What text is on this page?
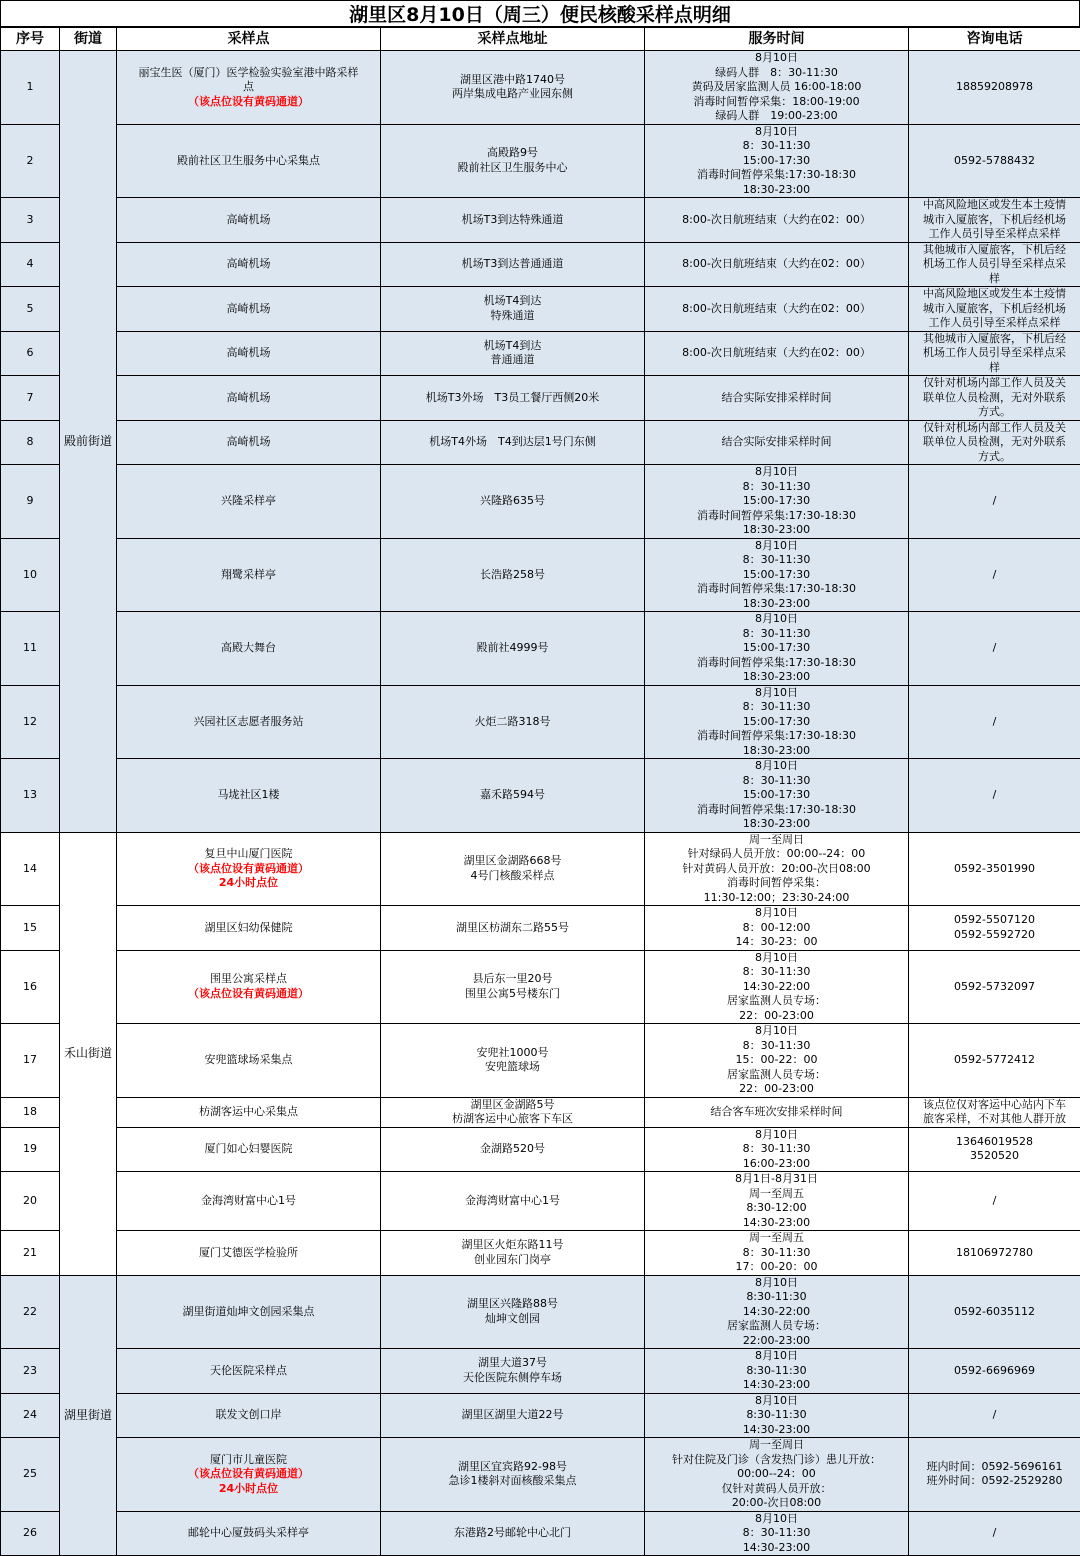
湖里区8月10日（周三）便民核酸采样点明细
序号	街道	采样点	采样点地址	服务时间	咨询电话
1	殿前街道	丽宝生医（厦门）医学检验实验室港中路采样
点
（该点位设有黄码通道）	湖里区港中路1740号
两岸集成电路产业园东侧	8月10日
绿码人群　8：30-11:30
黄码及居家监测人员 16:00-18:00
消毒时间暂停采集：18:00-19:00
绿码人群　19:00-23:00	18859208978

2		殿前社区卫生服务中心采集点	高殿路9号
殿前社区卫生服务中心	8月10日
8：30-11:30
15:00-17:30
消毒时间暂停采集:17:30-18:30
18:30-23:00	0592-5788432

3		高崎机场	机场T3到达特殊通道	8:00-次日航班结束（大约在02：00）	中高风险地区或发生本土疫情
城市入厦旅客，下机后经机场
工作人员引导至采样点采样

4		高崎机场	机场T3到达普通通道	8:00-次日航班结束（大约在02：00）	其他城市入厦旅客，下机后经
机场工作人员引导至采样点采
样

5		高崎机场	机场T4到达
特殊通道	8:00-次日航班结束（大约在02：00）	中高风险地区或发生本土疫情
城市入厦旅客，下机后经机场
工作人员引导至采样点采样

6		高崎机场	机场T4到达
普通通道	8:00-次日航班结束（大约在02：00）	其他城市入厦旅客，下机后经
机场工作人员引导至采样点采
样

7		高崎机场	机场T3外场　T3员工餐厅西侧20米	结合实际安排采样时间	仅针对机场内部工作人员及关
联单位人员检测，无对外联系
方式。

8		高崎机场	机场T4外场　T4到达层1号门东侧	结合实际安排采样时间	仅针对机场内部工作人员及关
联单位人员检测，无对外联系
方式。

9		兴隆采样亭	兴隆路635号	8月10日
8：30-11:30
15:00-17:30
消毒时间暂停采集:17:30-18:30
18:30-23:00	/

10		翔鹭采样亭	长浩路258号	8月10日
8：30-11:30
15:00-17:30
消毒时间暂停采集:17:30-18:30
18:30-23:00	/

11		高殿大舞台	殿前社4999号	8月10日
8：30-11:30
15:00-17:30
消毒时间暂停采集:17:30-18:30
18:30-23:00	/

12		兴园社区志愿者服务站	火炬二路318号	8月10日
8：30-11:30
15:00-17:30
消毒时间暂停采集:17:30-18:30
18:30-23:00	/

13		马垅社区1楼	嘉禾路594号	8月10日
8：30-11:30
15:00-17:30
消毒时间暂停采集:17:30-18:30
18:30-23:00	/

14	禾山街道	复旦中山厦门医院
（该点位设有黄码通道）
24小时点位	湖里区金湖路668号
4号门核酸采样点	周一至周日
针对绿码人员开放：00:00--24：00
针对黄码人员开放：20:00-次日08:00
消毒时间暂停采集：
11:30-12:00；23:30-24:00	0592-3501990

15		湖里区妇幼保健院	湖里区枋湖东二路55号	8月10日
8：00-12:00
14：30-23：00	0592-5507120
0592-5592720

16		围里公寓采样点
（该点位设有黄码通道）	县后东一里20号
围里公寓5号楼东门	8月10日
8：30-11:30
14:30-22:00
居家监测人员专场：
22：00-23:00	0592-5732097

17		安兜篮球场采集点	安兜社1000号
安兜篮球场	8月10日
8：30-11:30
15：00-22：00
居家监测人员专场：
22：00-23:00	0592-5772412

18		枋湖客运中心采集点	湖里区金湖路5号
枋湖客运中心旅客下车区	结合客车班次安排采样时间	该点位仅对客运中心站内下车
旅客采样，不对其他人群开放

19		厦门如心妇婴医院	金湖路520号	8月10日
8：30-11:30
16:00-23:00	13646019528
3520520

20		金海湾财富中心1号	金海湾财富中心1号	8月1日-8月31日
周一至周五
8:30-12:00
14:30-23:00	/

21		厦门艾德医学检验所	湖里区火炬东路11号
创业园东门岗亭	周一至周五
8：30-11:30
17：00-20：00	18106972780

22	湖里街道	湖里街道灿坤文创园采集点	湖里区兴隆路88号
灿坤文创园	8月10日
8:30-11:30
14:30-22:00
居家监测人员专场：
22:00-23:00	0592-6035112

23		天伦医院采样点	湖里大道37号
天伦医院东侧停车场	8月10日
8:30-11:30
14:30-23:00	0592-6696969

24		联发文创口岸	湖里区湖里大道22号	8月10日
8:30-11:30
14:30-23:00	/

25		厦门市儿童医院
（该点位设有黄码通道）
24小时点位	湖里区宜宾路92-98号
急诊1楼斜对面核酸采集点	周一至周日
针对住院及门诊（含发热门诊）患儿开放：
00:00--24：00
仅针对黄码人员开放：
20:00-次日08:00	班内时间：0592-5696161
班外时间：0592-2529280

26		邮轮中心厦鼓码头采样亭	东港路2号邮轮中心北门	8月10日
8：30-11:30
14:30-23:00	/
